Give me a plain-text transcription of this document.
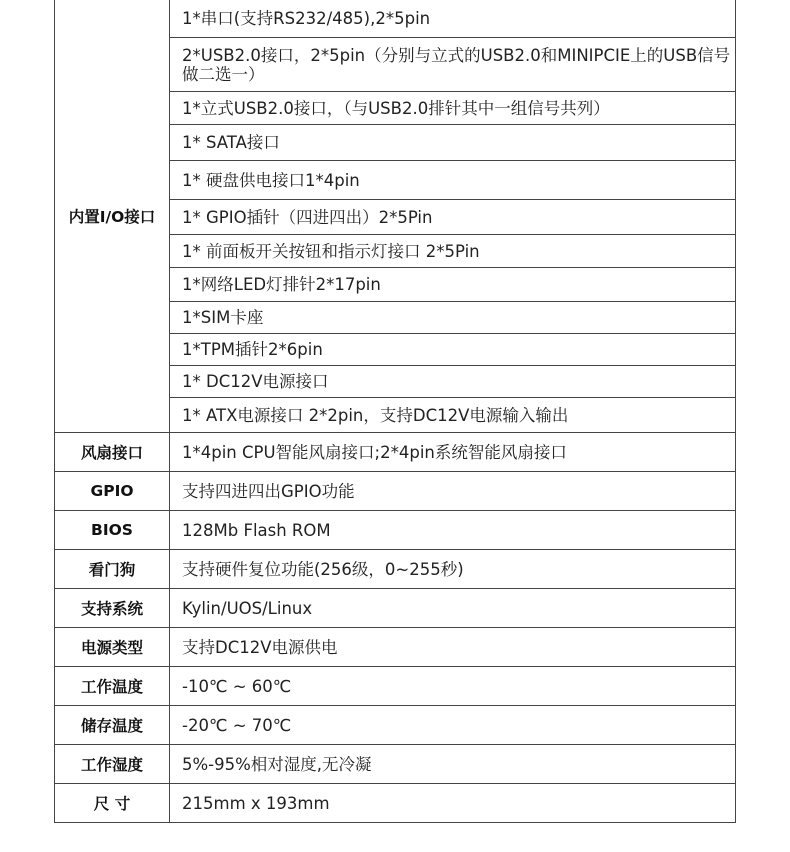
内置I/O接口
1*串口(支持RS232/485),2*5pin
2*USB2.0接口，2*5pin（分别与立式的USB2.0和MINIPCIE上的USB信号做二选一）
1*立式USB2.0接口，（与USB2.0排针其中一组信号共列）
1* SATA接口
1* 硬盘供电接口1*4pin
1* GPIO插针（四进四出）2*5Pin
1* 前面板开关按钮和指示灯接口 2*5Pin
1*网络LED灯排针2*17pin
1*SIM卡座
1*TPM插针2*6pin
1* DC12V电源接口
1* ATX电源接口 2*2pin，支持DC12V电源输入输出
风扇接口	1*4pin CPU智能风扇接口;2*4pin系统智能风扇接口
GPIO	支持四进四出GPIO功能
BIOS	128Mb Flash ROM
看门狗	支持硬件复位功能(256级，0~255秒)
支持系统	Kylin/UOS/Linux
电源类型	支持DC12V电源供电
工作温度	-10℃ ~ 60℃
储存温度	-20℃ ~ 70℃
工作湿度	5%-95%相对湿度,无冷凝
尺 寸	215mm x 193mm
